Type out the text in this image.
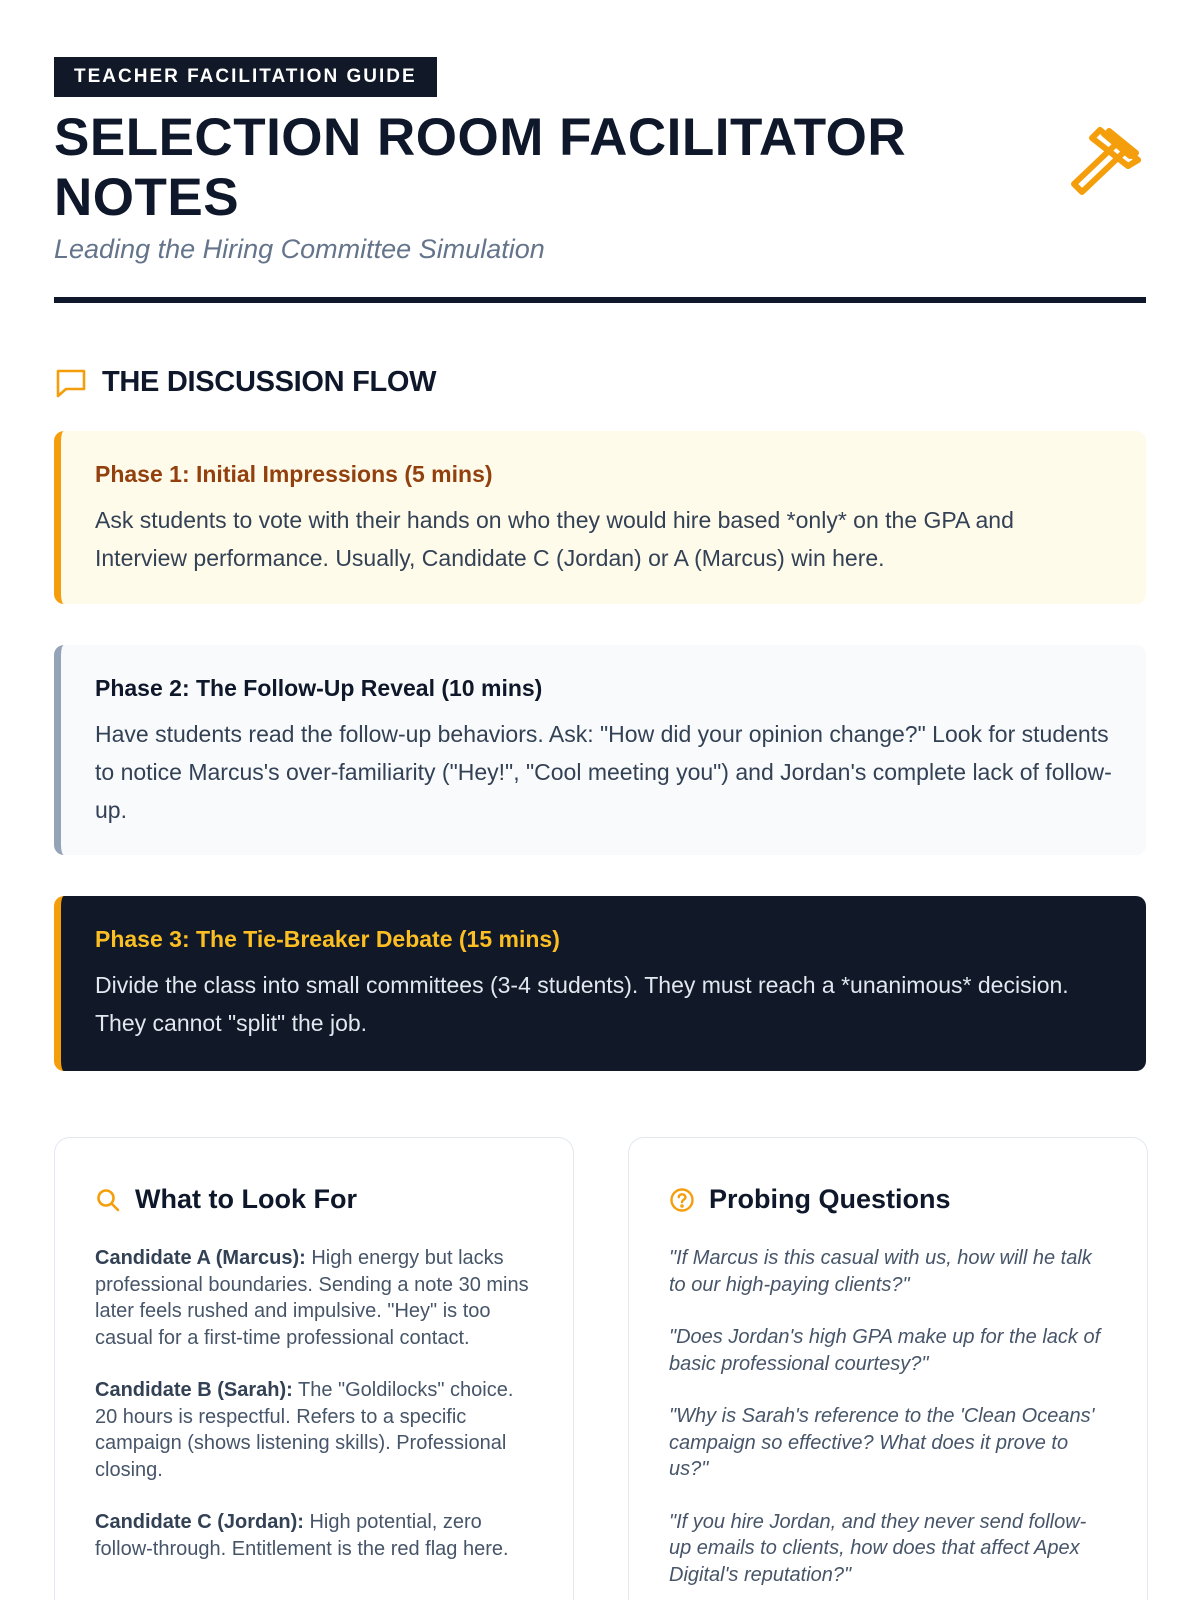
TEACHER FACILITATION GUIDE
SELECTION ROOM FACILITATOR NOTES
Leading the Hiring Committee Simulation
THE DISCUSSION FLOW
Phase 1: Initial Impressions (5 mins)
Ask students to vote with their hands on who they would hire based *only* on the GPA and Interview performance. Usually, Candidate C (Jordan) or A (Marcus) win here.
Phase 2: The Follow-Up Reveal (10 mins)
Have students read the follow-up behaviors. Ask: "How did your opinion change?" Look for students to notice Marcus's over-familiarity ("Hey!", "Cool meeting you") and Jordan's complete lack of follow-up.
Phase 3: The Tie-Breaker Debate (15 mins)
Divide the class into small committees (3-4 students). They must reach a *unanimous* decision. They cannot "split" the job.
What to Look For

Candidate A (Marcus): High energy but lacks professional boundaries. Sending a note 30 mins later feels rushed and impulsive. "Hey" is too casual for a first-time professional contact.

Candidate B (Sarah): The "Goldilocks" choice. 20 hours is respectful. Refers to a specific campaign (shows listening skills). Professional closing.

Candidate C (Jordan): High potential, zero follow-through. Entitlement is the red flag here.

Probing Questions

"If Marcus is this casual with us, how will he talk to our high-paying clients?"

"Does Jordan's high GPA make up for the lack of basic professional courtesy?"

"Why is Sarah's reference to the 'Clean Oceans' campaign so effective? What does it prove to us?"

"If you hire Jordan, and they never send follow-up emails to clients, how does that affect Apex Digital's reputation?"
